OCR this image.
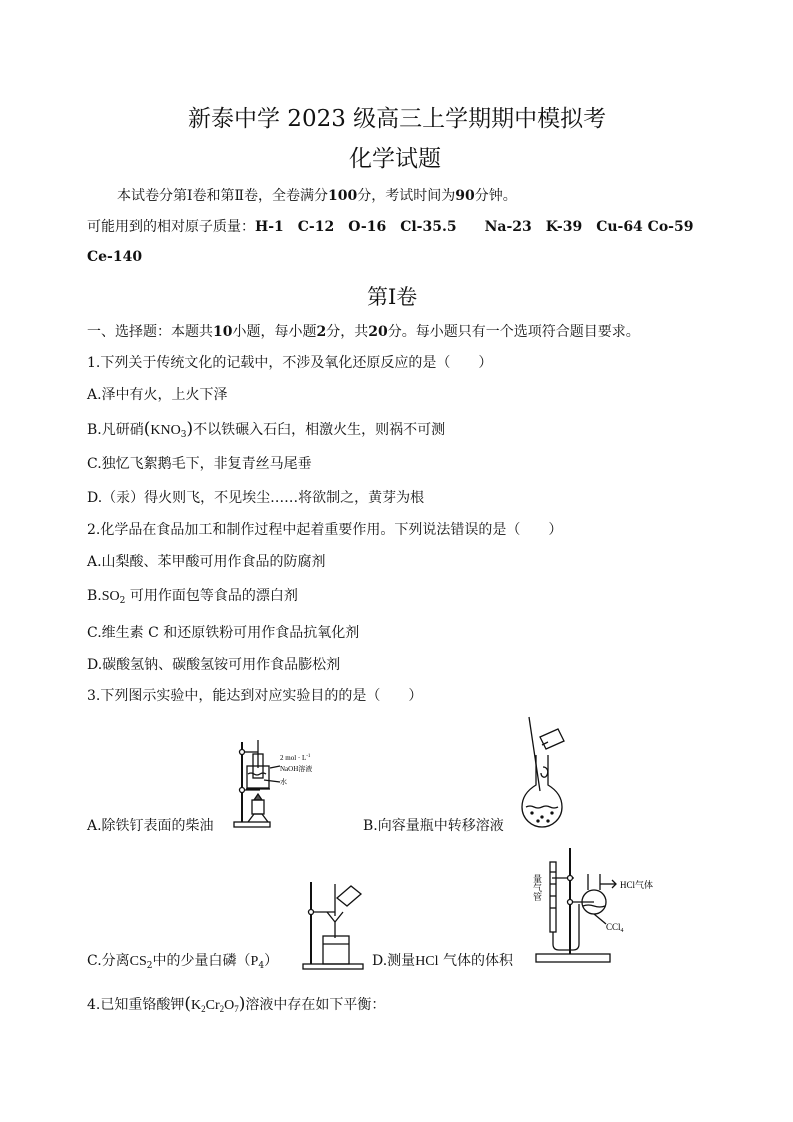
新泰中学 2023 级高三上学期期中模拟考
化学试题
本试卷分第Ⅰ卷和第Ⅱ卷，全卷满分100分，考试时间为90分钟。
可能用到的相对原子质量：H-1　C-12　O-16　Cl-35.5　　Na-23　K-39　Cu-64 Co-59
Ce-140
第Ⅰ卷
一、选择题：本题共10小题，每小题2分，共20分。每小题只有一个选项符合题目要求。
1.下列关于传统文化的记载中，不涉及氧化还原反应的是（　　）
A.泽中有火，上火下泽
B.凡研硝$(KNO_3)$不以铁碾入石臼，相激火生，则祸不可测
C.独忆飞絮鹅毛下，非复青丝马尾垂
D.（汞）得火则飞，不见埃尘……将欲制之，黄芽为根
2.化学品在食品加工和制作过程中起着重要作用。下列说法错误的是（　　）
A.山梨酸、苯甲酸可用作食品的防腐剂
$B.SO_2$ 可用作面包等食品的漂白剂
C.维生素 C 和还原铁粉可用作食品抗氧化剂
D.碳酸氢钠、碳酸氢铵可用作食品膨松剂
3.下列图示实验中，能达到对应实验目的的是（　　）
2 mol · $L^{-1}$
NaOH溶液
水
A.除铁钉表面的柴油	B.向容量瓶中转移溶液
C.分离$CS_2$中的少量白磷$(P_4)$
HCl气体
CCl$_4$
量气管
D.测量HCl 气体的体积
4.已知重铬酸钾$(K_2Cr_2O_7)$溶液中存在如下平衡：
